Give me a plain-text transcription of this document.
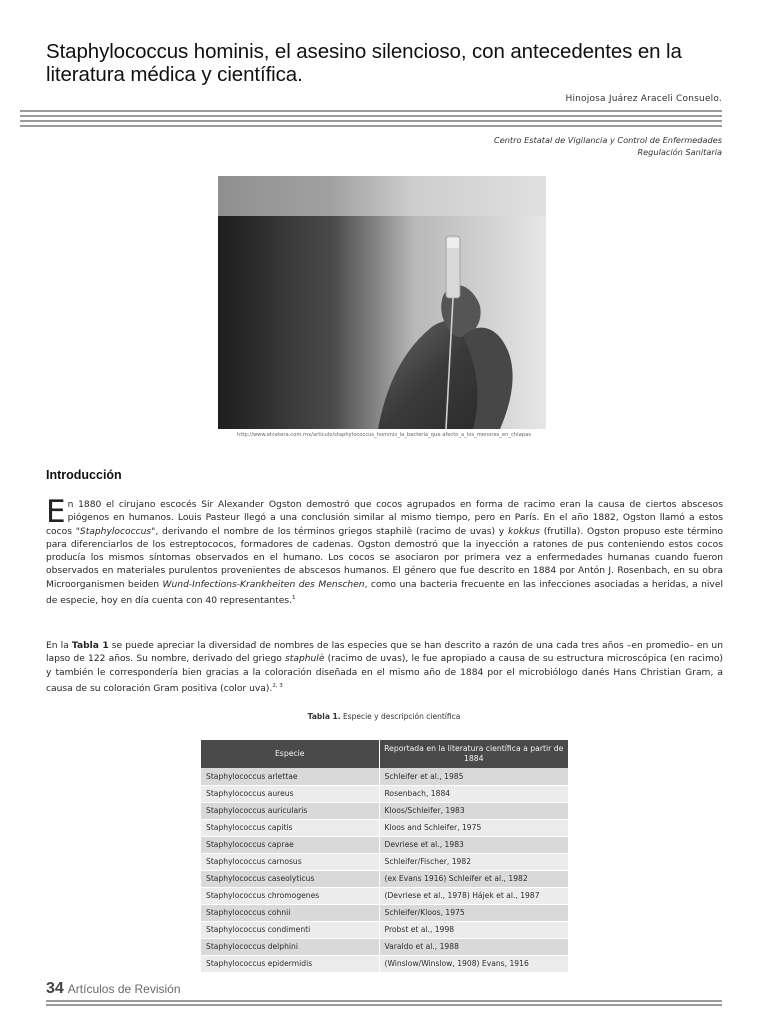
Staphylococcus hominis, el asesino silencioso, con antecedentes en la literatura médica y científica.
Hinojosa Juárez Araceli Consuelo.
Centro Estatal de Vigilancia y Control de Enfermedades
Regulación Sanitaria
http://www.etcetera.com.mx/articulo/staphylococcus_hominis_la_bacteria_que afecto_a_los_menores_en_chiapas
Introducción

En 1880 el cirujano escocés Sir Alexander Ogston demostró que cocos agrupados en forma de racimo eran la causa de ciertos abscesos piógenos en humanos. Louis Pasteur llegó a una conclusión similar al mismo tiempo, pero en París. En el año 1882, Ogston llamó a estos cocos "Staphylococcus", derivando el nombre de los términos griegos staphilè (racimo de uvas) y kokkus (frutilla). Ogston propuso este término para diferenciarlos de los estreptococos, formadores de cadenas. Ogston demostró que la inyección a ratones de pus conteniendo estos cocos producía los mismos síntomas observados en el humano. Los cocos se asociaron por primera vez a enfermedades humanas cuando fueron observados en materiales purulentos provenientes de abscesos humanos. El género que fue descrito en 1884 por Antón J. Rosenbach, en su obra Microorganismen beiden Wund-Infections-Krankheiten des Menschen, como una bacteria frecuente en las infecciones asociadas a heridas, a nivel de especie, hoy en día cuenta con 40 representantes.$^1$

En la Tabla 1 se puede apreciar la diversidad de nombres de las especies que se han descrito a razón de una cada tres años –en promedio– en un lapso de 122 años. Su nombre, derivado del griego staphulè (racimo de uvas), le fue apropiado a causa de su estructura microscópica (en racimo) y también le correspondería bien gracias a la coloración diseñada en el mismo año de 1884 por el microbiólogo danés Hans Christian Gram, a causa de su coloración Gram positiva (color uva).$^{2, 3}$

Tabla 1. Especie y descripción científica
Especie	Reportada en la literatura científica a partir de 1884
Staphylococcus arlettae	Schleifer et al., 1985
Staphylococcus aureus	Rosenbach, 1884
Staphylococcus auricularis	Kloos/Schleifer, 1983
Staphylococcus capitis	Kloos and Schleifer, 1975
Staphylococcus caprae	Devriese et al., 1983
Staphylococcus carnosus	Schleifer/Fischer, 1982
Staphylococcus caseolyticus	(ex Evans 1916) Schleifer et al., 1982
Staphylococcus chromogenes	(Devriese et al., 1978) Hájek et al., 1987
Staphylococcus cohnii	Schleifer/Kloos, 1975
Staphylococcus condimenti	Probst et al., 1998
Staphylococcus delphini	Varaldo et al., 1988
Staphylococcus epidermidis	(Winslow/Winslow, 1908) Evans, 1916
34 Artículos de Revisión
